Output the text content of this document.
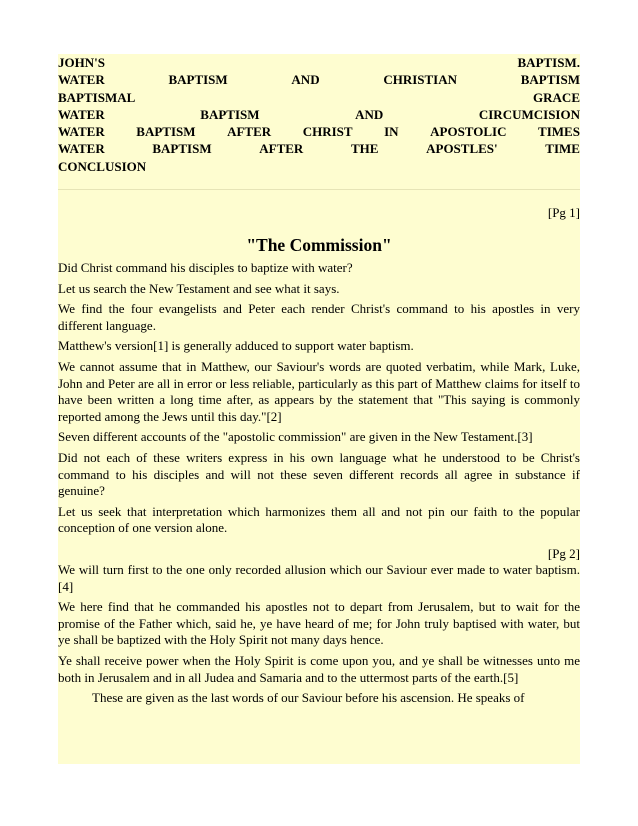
JOHN'S	BAPTISM.
WATER	BAPTISM	AND	CHRISTIAN	BAPTISM
BAPTISMAL	GRACE
WATER	BAPTISM	AND	CIRCUMCISION
WATER BAPTISM AFTER CHRIST IN APOSTOLIC TIMES
WATER	BAPTISM	AFTER	THE	APOSTLES'	TIME
CONCLUSION
[Pg 1]
"The Commission"

Did Christ command his disciples to baptize with water?

Let us search the New Testament and see what it says.

We find the four evangelists and Peter each render Christ's command to his apostles in very different language.

Matthew's version[1] is generally adduced to support water baptism.

We cannot assume that in Matthew, our Saviour's words are quoted verbatim, while Mark, Luke, John and Peter are all in error or less reliable, particularly as this part of Matthew claims for itself to have been written a long time after, as appears by the statement that "This saying is commonly reported among the Jews until this day."[2]

Seven different accounts of the "apostolic commission" are given in the New Testament.[3]

Did not each of these writers express in his own language what he understood to be Christ's command to his disciples and will not these seven different records all agree in substance if genuine?

Let us seek that interpretation which harmonizes them all and not pin our faith to the popular conception of one version alone.

[Pg 2]

We will turn first to the one only recorded allusion which our Saviour ever made to water baptism.[4]

We here find that he commanded his apostles not to depart from Jerusalem, but to wait for the promise of the Father which, said he, ye have heard of me; for John truly baptised with water, but ye shall be baptized with the Holy Spirit not many days hence.

Ye shall receive power when the Holy Spirit is come upon you, and ye shall be witnesses unto me both in Jerusalem and in all Judea and Samaria and to the uttermost parts of the earth.[5]

These are given as the last words of our Saviour before his ascension. He speaks of
